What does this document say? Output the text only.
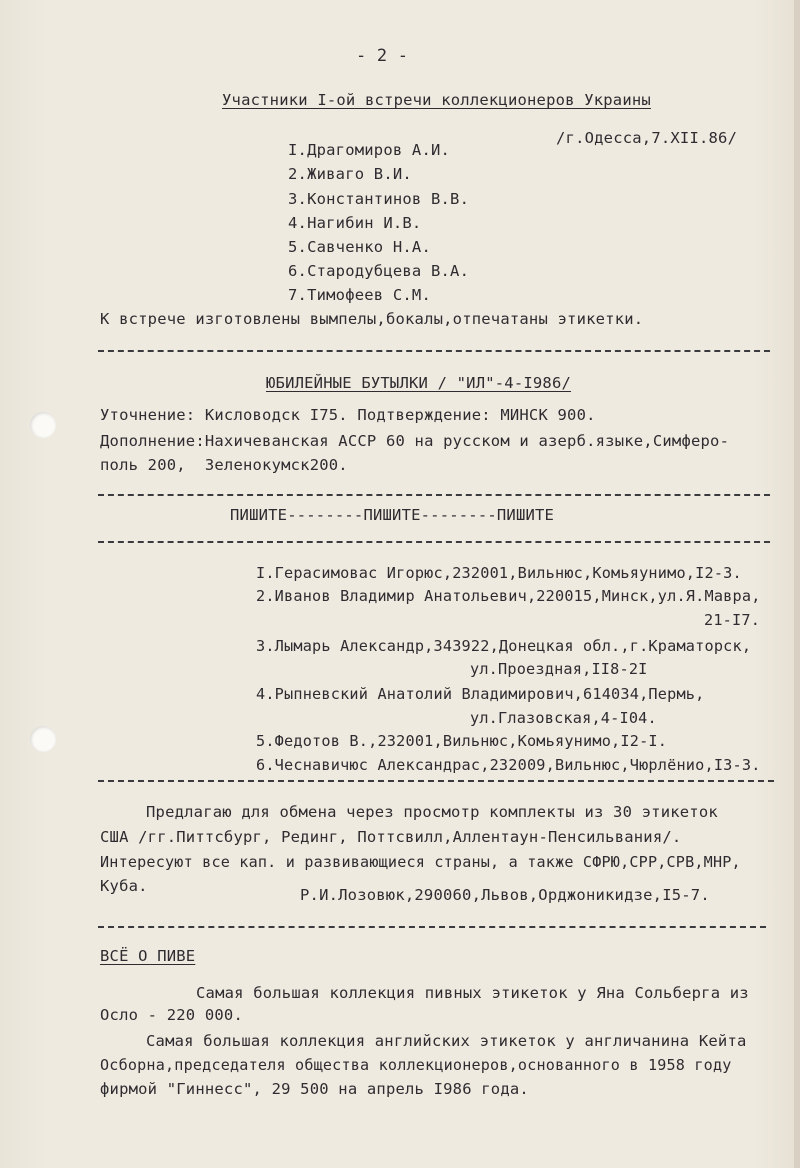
- 2 -
Участники I-ой встречи коллекционеров Украины
/г.Одесса,7.XII.86/
I.Драгомиров А.И.
2.Живаго В.И.
3.Константинов В.В.
4.Нагибин И.В.
5.Савченко Н.А.
6.Стародубцева В.А.
7.Тимофеев С.М.
К встрече изготовлены вымпелы,бокалы,отпечатаны этикетки.
ЮБИЛЕЙНЫЕ БУТЫЛКИ / "ИЛ"-4-I986/
Уточнение: Кисловодск I75. Подтверждение: МИНСК 900.
Дополнение:Нахичеванская АССР 60 на русском и азерб.языке,Симферо-
поль 200,  Зеленокумск200.
ПИШИТЕ--------ПИШИТЕ--------ПИШИТЕ
I.Герасимовас Игорюс,232001,Вильнюс,Комьяунимо,I2-3.
2.Иванов Владимир Анатольевич,220015,Минск,ул.Я.Мавра,
21-I7.
3.Лымарь Александр,343922,Донецкая обл.,г.Краматорск,
ул.Проездная,II8-2I
4.Рыпневский Анатолий Владимирович,614034,Пермь,
ул.Глазовская,4-I04.
5.Федотов В.,232001,Вильнюс,Комьяунимо,I2-I.
6.Чеснавичюс Александрас,232009,Вильнюс,Чюрлёнио,I3-3.
Предлагаю для обмена через просмотр комплекты из 30 этикеток
США /гг.Питтсбург, Рединг, Поттсвилл,Аллентаун-Пенсильвания/.
Интересуют все кап. и развивающиеся страны, а также СФРЮ,СРР,СРВ,МНР,
Куба.	Р.И.Лозовюк,290060,Львов,Орджоникидзе,I5-7.
ВСЁ О ПИВЕ
Самая большая коллекция пивных этикеток у Яна Сольберга из
Осло - 220 000.
Самая большая коллекция английских этикеток у англичанина Кейта
Осборна,председателя общества коллекционеров,основанного в 1958 году
фирмой "Гиннесс", 29 500 на апрель I986 года.
